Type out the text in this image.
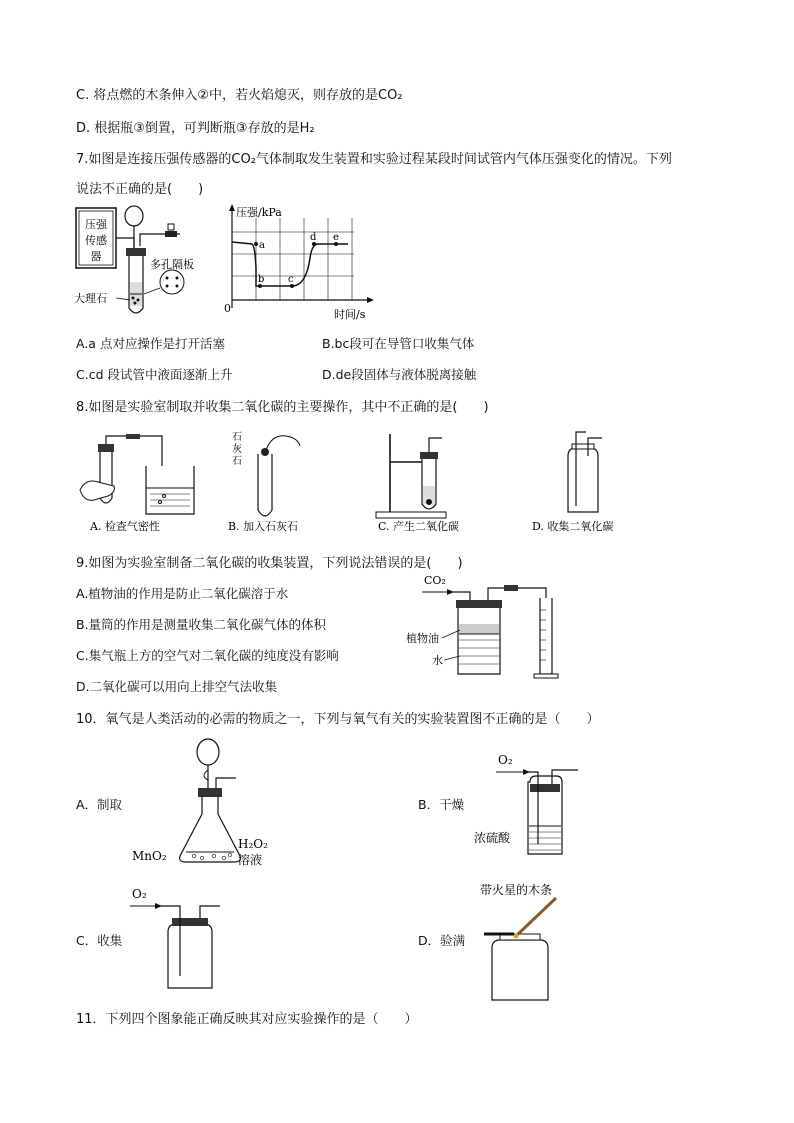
C. 将点燃的木条伸入②中，若火焰熄灭，则存放的是CO₂
D. 根据瓶③倒置，可判断瓶③存放的是H₂
7.如图是连接压强传感器的CO₂气体制取发生装置和实验过程某段时间试管内气体压强变化的情况。下列
说法不正确的是(　　)
压强
传感
器
多孔隔板
大理石
a
b c
d e
压强/kPa
时间/s
0
A.a 点对应操作是打开活塞	B.bc段可在导管口收集气体
C.cd 段试管中液面逐渐上升	D.de段固体与液体脱离接触
8.如图是实验室制取并收集二氧化碳的主要操作，其中不正确的是(　　)
A. 检查气密性
石
灰
石
B. 加入石灰石	C. 产生二氧化碳	D. 收集二氧化碳
9.如图为实验室制备二氧化碳的收集装置，下列说法错误的是(　　)
A.植物油的作用是防止二氧化碳溶于水
B.量筒的作用是测量收集二氧化碳气体的体积
C.集气瓶上方的空气对二氧化碳的纯度没有影响
D.二氧化碳可以用向上排空气法收集
CO₂
植物油
水
10．氧气是人类活动的必需的物质之一，下列与氧气有关的实验装置图不正确的是（　　）
A．制取
MnO₂
H₂O₂
溶液
B．干燥
O₂
浓硫酸
C．收集
O₂
D．验满
带火星的木条
11．下列四个图象能正确反映其对应实验操作的是（　　）
